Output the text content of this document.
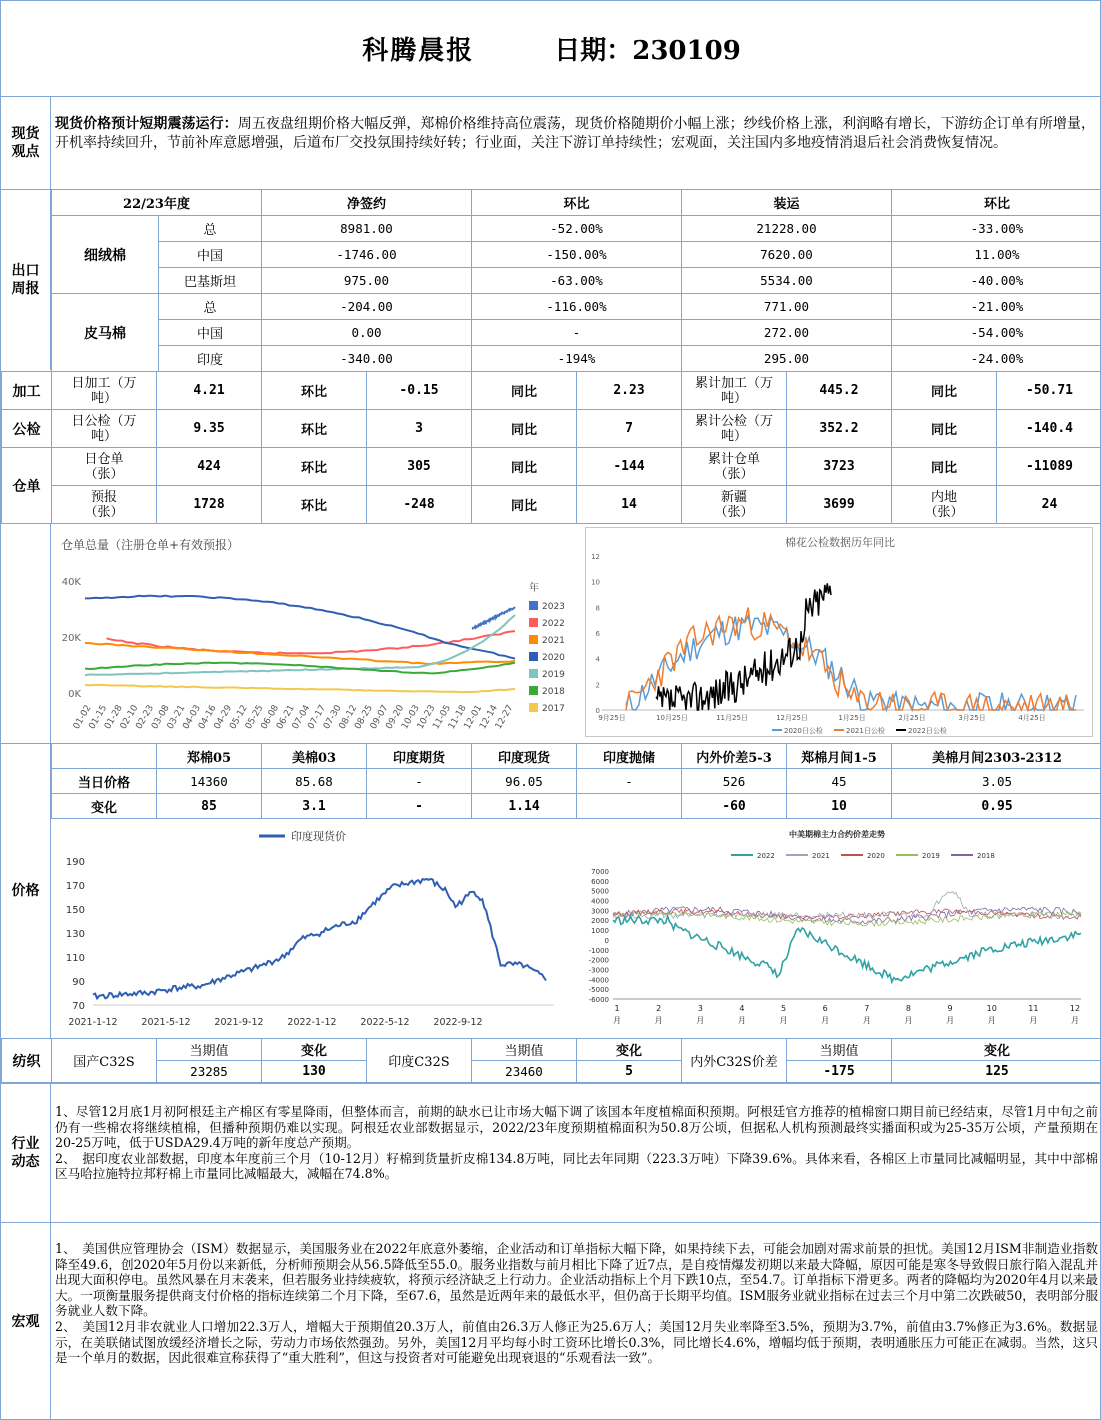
科腾晨报	日期：230109
现货观点
现货价格预计短期震荡运行：周五夜盘纽期价格大幅反弹，郑棉价格维持高位震荡，现货价格随期价小幅上涨；纱线价格上涨，利润略有增长，下游纺企订单有所增量，开机率持续回升，节前补库意愿增强，后道布厂交投氛围持续好转；行业面，关注下游订单持续性；宏观面，关注国内多地疫情消退后社会消费恢复情况。
出口周报
22/23年度		净签约	环比	装运	环比
细绒棉	总	8981.00	-52.00%	21228.00	-33.00%
	中国	-1746.00	-150.00%	7620.00	11.00%
	巴基斯坦	975.00	-63.00%	5534.00	-40.00%
皮马棉	总	-204.00	-116.00%	771.00	-21.00%
	中国	0.00	-	272.00	-54.00%
	印度	-340.00	-194%	295.00	-24.00%
加工	日加工（万吨）	4.21	环比	-0.15	同比	2.23	累计加工（万吨）	445.2	同比	-50.71
公检	日公检（万吨）	9.35	环比	3	同比	7	累计公检（万吨）	352.2	同比	-140.4
仓单	日仓单（张）	424	环比	305	同比	-144	累计仓单（张）	3723	同比	-11089
	预报（张）	1728	环比	-248	同比	14	新疆（张）	3699	内地（张）	24
仓单总量（注册仓单+有效预报）
40K
20K
0K
01-02
01-15
01-28
02-10
02-23
03-08
03-21
04-03
04-16
04-29
05-12
05-25
06-08
06-21
07-04
07-17
07-30
08-12
08-25
09-07
09-20
10-03
10-23
11-05
11-18
12-01
12-14
12-27
年
2023
2022
2021
2020
2019
2018
2017
棉花公检数据历年同比
12
10
8
6
4
2
0
9月25日	10月25日	11月25日	12月25日	1月25日	2月25日	3月25日	4月25日
2020日公检	2021日公检	2022日公检
价格
	郑棉05	美棉03	印度期货	印度现货	印度抛储	内外价差5-3	郑棉月间1-5	美棉月间2303-2312
当日价格	14360	85.68	-	96.05	-	526	45	3.05
变化	85	3.1	-	1.14		-60	10	0.95
印度现货价
190
170
150
130
110
90
70
2021-1-12	2021-5-12	2021-9-12	2022-1-12	2022-5-12	2022-9-12
中美期棉主力合约价差走势
2022	2021	2020	2019	2018
7000
6000
5000
4000
3000
2000
1000
0
-1000
-2000
-3000
-4000
-5000
-6000
1
月
2
月
3
月
4
月
5
月
6
月
7
月
8
月
9
月
10
月
11
月
12
月
纺织	国产C32S	当期值	变化	印度C32S	当期值	变化	内外C32S价差	当期值	变化
		23285	130		23460	5		-175	125
行业动态
1、尽管12月底1月初阿根廷主产棉区有零星降雨，但整体而言，前期的缺水已让市场大幅下调了该国本年度植棉面积预期。阿根廷官方推荐的植棉窗口期目前已经结束，尽管1月中旬之前仍有一些棉农将继续植棉，但播种预期仍难以实现。阿根廷农业部数据显示，2022/23年度预期植棉面积为50.8万公顷，但据私人机构预测最终实播面积或为25-35万公顷，产量预期在20-25万吨，低于USDA29.4万吨的新年度总产预期。
2、　据印度农业部数据，印度本年度前三个月（10-12月）籽棉到货量折皮棉134.8万吨，同比去年同期（223.3万吨）下降39.6%。具体来看，各棉区上市量同比减幅明显，其中中部棉区马哈拉施特拉邦籽棉上市量同比减幅最大，减幅在74.8%。
宏观
1、　美国供应管理协会（ISM）数据显示，美国服务业在2022年底意外萎缩，企业活动和订单指标大幅下降，如果持续下去，可能会加剧对需求前景的担忧。美国12月ISM非制造业指数降至49.6，创2020年5月份以来新低，分析师预期会从56.5降低至55.0。服务业指数与前月相比下降了近7点，是自疫情爆发初期以来最大降幅，原因可能是寒冬导致假日旅行陷入混乱并出现大面积停电。虽然风暴在月末袭来，但若服务业持续疲软，将预示经济缺乏上行动力。企业活动指标上个月下跌10点，至54.7。订单指标下滑更多。两者的降幅均为2020年4月以来最大。一项衡量服务提供商支付价格的指标连续第二个月下降，至67.6，虽然是近两年来的最低水平，但仍高于长期平均值。ISM服务业就业指标在过去三个月中第二次跌破50，表明部分服务就业人数下降。
2、　美国12月非农就业人口增加22.3万人，增幅大于预期值20.3万人，前值由26.3万人修正为25.6万人；美国12月失业率降至3.5%，预期为3.7%，前值由3.7%修正为3.6%。数据显示，在美联储试图放缓经济增长之际，劳动力市场依然强劲。另外，美国12月平均每小时工资环比增长0.3%，同比增长4.6%，增幅均低于预期，表明通胀压力可能正在减弱。当然，这只是一个单月的数据，因此很难宣称获得了“重大胜利”，但这与投资者对可能避免出现衰退的“乐观看法一致”。
